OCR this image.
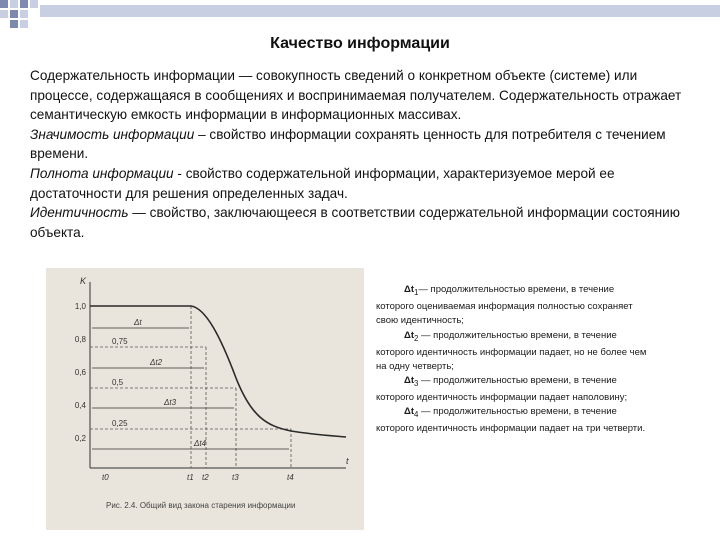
Качество информации

Содержательность информации — совокупность сведений о конкретном объекте (системе) или процессе, содержащаяся в сообщениях и воспринимаемая получателем. Содержательность отражает семантическую емкость информации в информационных массивах.

Значимость информации – свойство информации сохранять ценность для потребителя с течением времени.

Полнота информации - свойство содержательной информации, характеризуемое мерой ее достаточности для решения определенных задач.

Идентичность — свойство, заключающееся в соответствии содержательной информации состоянию объекта.

K
t
1,0
0,8
0,6
0,4
0,2
0,75
0,5
0,25
Δt
Δt2
Δt3
Δt4
t0	t1 t2	t3	t4
Рис. 2.4. Общий вид закона старения информации

$\Delta t_1—$ продолжительностью времени, в течение которого оцениваемая информация полностью сохраняет свою идентичность;

$\Delta t_2$ — продолжительностью времени, в течение которого идентичность информации падает, но не более чем на одну четверть;

$\Delta t_3$ — продолжительностью времени, в течение которого идентичность информации падает наполовину;

$\Delta t_4$ — продолжительностью времени, в течение которого идентичность информации падает на три четверти.
